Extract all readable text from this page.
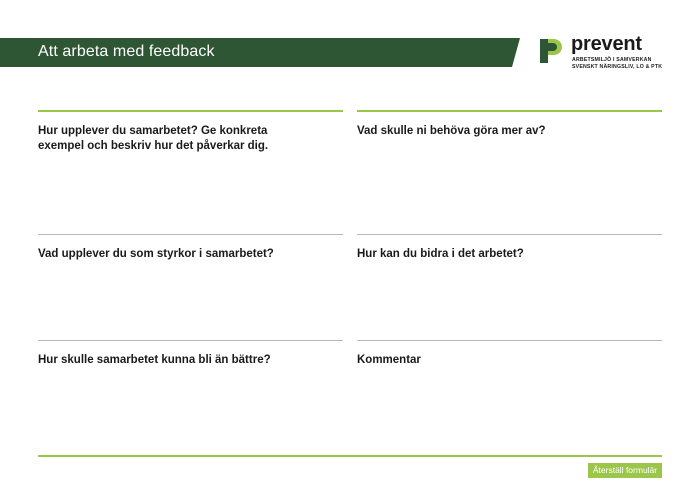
Att arbeta med feedback	prevent
ARBETSMILJÖ I SAMVERKAN
SVENSKT NÄRINGSLIV, LO & PTK

Hur upplever du samarbetet? Ge konkreta exempel och beskriv hur det påverkar dig.

Vad skulle ni behöva göra mer av?

Vad upplever du som styrkor i samarbetet?	Hur kan du bidra i det arbetet?

Hur skulle samarbetet kunna bli än bättre?	Kommentar

Återställ formulär
